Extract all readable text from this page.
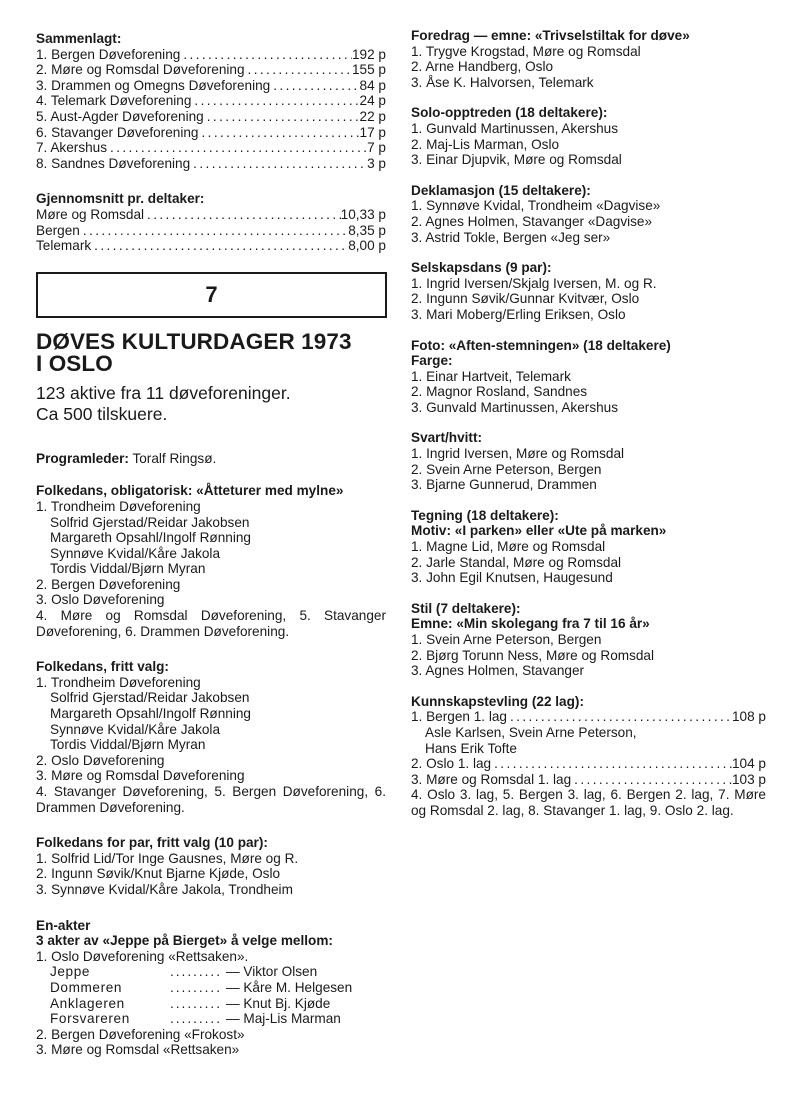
Sammenlagt:
1. Bergen Døveforening .....	192 p
2. Møre og Romsdal Døveforening .....	155 p
3. Drammen og Omegns Døveforening .....	84 p
4. Telemark Døveforening .....	24 p
5. Aust-Agder Døveforening .....	22 p
6. Stavanger Døveforening .....	17 p
7. Akershus .....	7 p
8. Sandnes Døveforening .....	3 p
Gjennomsnitt pr. deltaker:
Møre og Romsdal .....	10,33 p
Bergen .....	8,35 p
Telemark .....	8,00 p
7
DØVES KULTURDAGER 1973
I OSLO
123 aktive fra 11 døveforeninger.
Ca 500 tilskuere.
Programleder: Toralf Ringsø.
Folkedans, obligatorisk: «Åtteturer med mylne»
1. Trondheim Døveforening
Solfrid Gjerstad/Reidar Jakobsen
Margareth Opsahl/Ingolf Rønning
Synnøve Kvidal/Kåre Jakola
Tordis Viddal/Bjørn Myran
2. Bergen Døveforening
3. Oslo Døveforening
4. Møre og Romsdal Døveforening, 5. Stavanger Døveforening, 6. Drammen Døveforening.
Folkedans, fritt valg:
1. Trondheim Døveforening
Solfrid Gjerstad/Reidar Jakobsen
Margareth Opsahl/Ingolf Rønning
Synnøve Kvidal/Kåre Jakola
Tordis Viddal/Bjørn Myran
2. Oslo Døveforening
3. Møre og Romsdal Døveforening
4. Stavanger Døveforening, 5. Bergen Døveforening, 6. Drammen Døveforening.
Folkedans for par, fritt valg (10 par):
1. Solfrid Lid/Tor Inge Gausnes, Møre og R.
2. Ingunn Søvik/Knut Bjarne Kjøde, Oslo
3. Synnøve Kvidal/Kåre Jakola, Trondheim
En-akter
3 akter av «Jeppe på Bierget» å velge mellom:
1. Oslo Døveforening «Rettsaken».
Jeppe .....	— Viktor Olsen
Dommeren .....	— Kåre M. Helgesen
Anklageren .....	— Knut Bj. Kjøde
Forsvareren .....	— Maj-Lis Marman
2. Bergen Døveforening «Frokost»
3. Møre og Romsdal «Rettsaken»
Foredrag — emne: «Trivselstiltak for døve»
1. Trygve Krogstad, Møre og Romsdal
2. Arne Handberg, Oslo
3. Åse K. Halvorsen, Telemark
Solo-opptreden (18 deltakere):
1. Gunvald Martinussen, Akershus
2. Maj-Lis Marman, Oslo
3. Einar Djupvik, Møre og Romsdal
Deklamasjon (15 deltakere):
1. Synnøve Kvidal, Trondheim «Dagvise»
2. Agnes Holmen, Stavanger «Dagvise»
3. Astrid Tokle, Bergen «Jeg ser»
Selskapsdans (9 par):
1. Ingrid Iversen/Skjalg Iversen, M. og R.
2. Ingunn Søvik/Gunnar Kvitvær, Oslo
3. Mari Moberg/Erling Eriksen, Oslo
Foto: «Aften-stemningen» (18 deltakere)
Farge:
1. Einar Hartveit, Telemark
2. Magnor Rosland, Sandnes
3. Gunvald Martinussen, Akershus
Svart/hvitt:
1. Ingrid Iversen, Møre og Romsdal
2. Svein Arne Peterson, Bergen
3. Bjarne Gunnerud, Drammen
Tegning (18 deltakere):
Motiv: «I parken» eller «Ute på marken»
1. Magne Lid, Møre og Romsdal
2. Jarle Standal, Møre og Romsdal
3. John Egil Knutsen, Haugesund
Stil (7 deltakere):
Emne: «Min skolegang fra 7 til 16 år»
1. Svein Arne Peterson, Bergen
2. Bjørg Torunn Ness, Møre og Romsdal
3. Agnes Holmen, Stavanger
Kunnskapstevling (22 lag):
1. Bergen 1. lag .....	108 p
Asle Karlsen, Svein Arne Peterson,
Hans Erik Tofte
2. Oslo 1. lag .....	104 p
3. Møre og Romsdal 1. lag .....	103 p
4. Oslo 3. lag, 5. Bergen 3. lag, 6. Bergen 2. lag, 7. Møre og Romsdal 2. lag, 8. Stavanger 1. lag, 9. Oslo 2. lag.
